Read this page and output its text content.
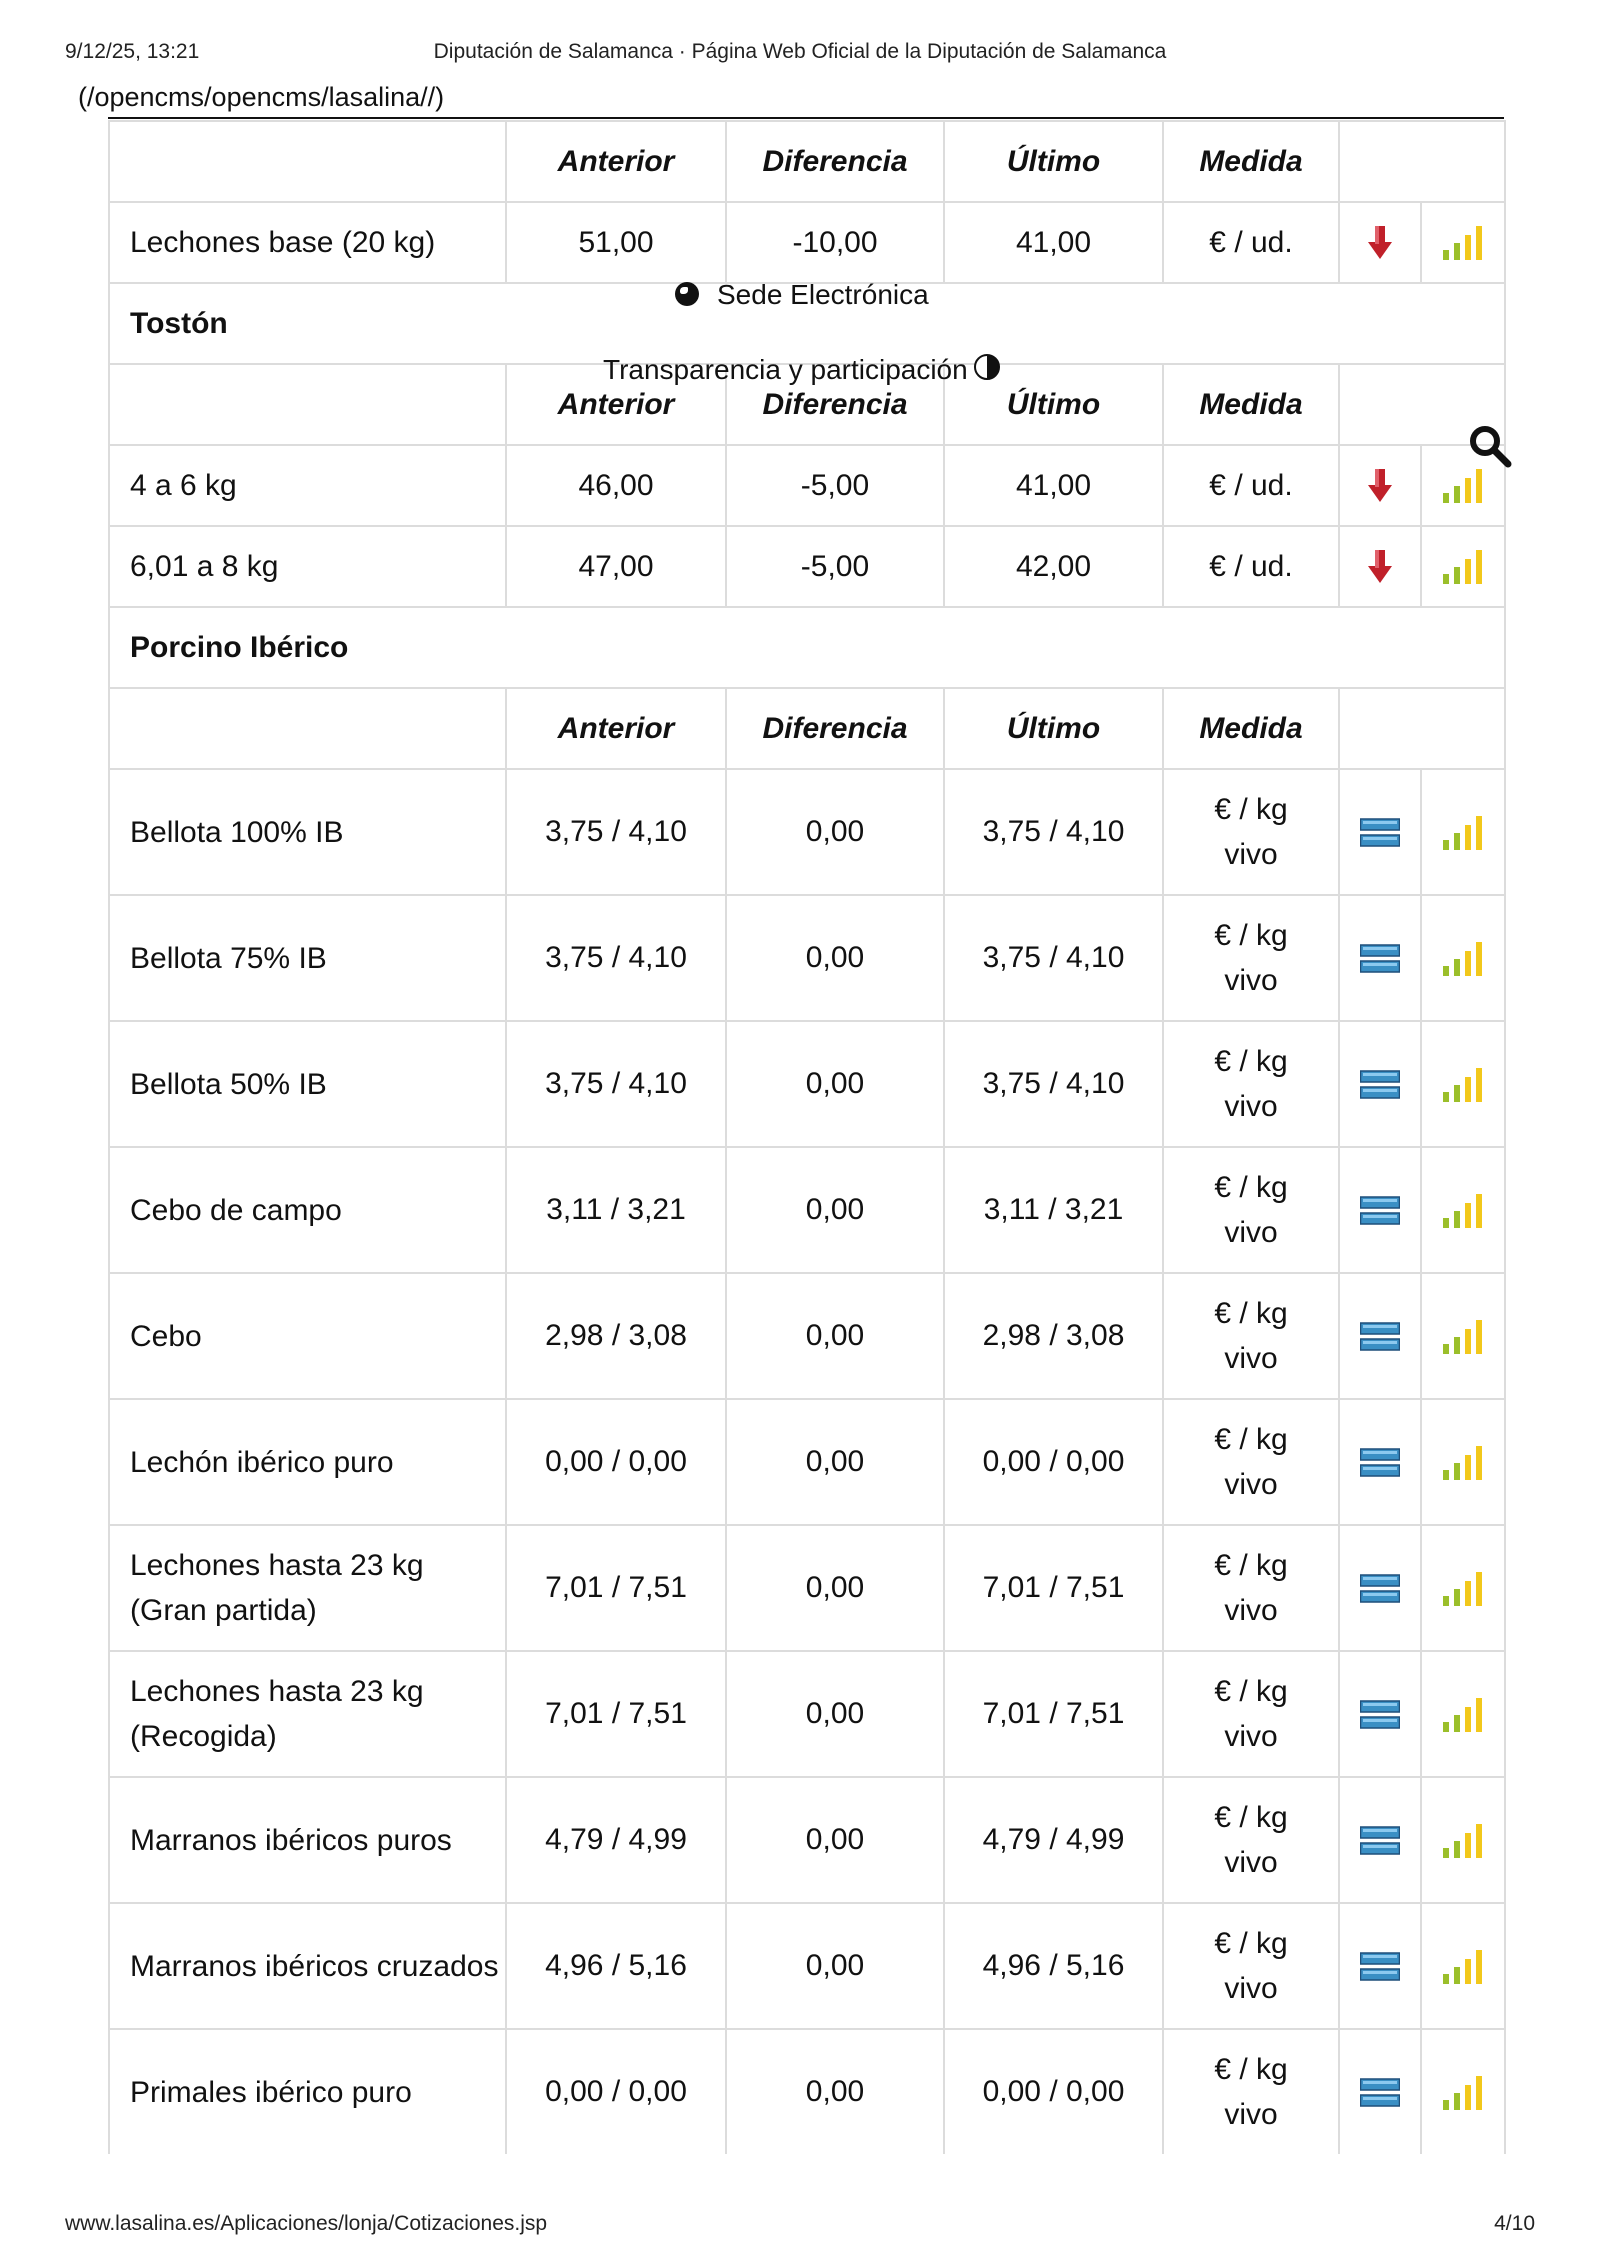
9/12/25, 13:21	Diputación de Salamanca · Página Web Oficial de la Diputación de Salamanca
(/opencms/opencms/lasalina//)
	Anterior	Diferencia	Último	Medida		
Lechones base (20 kg)	51,00	-10,00	41,00	€ / ud.		
Tostón						
	Anterior	Diferencia	Último	Medida		
4 a 6 kg	46,00	-5,00	41,00	€ / ud.		
6,01 a 8 kg	47,00	-5,00	42,00	€ / ud.		
Porcino Ibérico						
	Anterior	Diferencia	Último	Medida		
Bellota 100% IB	3,75 / 4,10	0,00	3,75 / 4,10	€ / kg
vivo		
Bellota 75% IB	3,75 / 4,10	0,00	3,75 / 4,10	€ / kg
vivo		
Bellota 50% IB	3,75 / 4,10	0,00	3,75 / 4,10	€ / kg
vivo		
Cebo de campo	3,11 / 3,21	0,00	3,11 / 3,21	€ / kg
vivo		
Cebo	2,98 / 3,08	0,00	2,98 / 3,08	€ / kg
vivo		
Lechón ibérico puro	0,00 / 0,00	0,00	0,00 / 0,00	€ / kg
vivo		
Lechones hasta 23 kg (Gran partida)	7,01 / 7,51	0,00	7,01 / 7,51	€ / kg
vivo		
Lechones hasta 23 kg (Recogida)	7,01 / 7,51	0,00	7,01 / 7,51	€ / kg
vivo		
Marranos ibéricos puros	4,79 / 4,99	0,00	4,79 / 4,99	€ / kg
vivo		
Marranos ibéricos cruzados	4,96 / 5,16	0,00	4,96 / 5,16	€ / kg
vivo		
Primales ibérico puro	0,00 / 0,00	0,00	0,00 / 0,00	€ / kg
vivo		
Sede Electrónica
Transparencia y participación
www.lasalina.es/Aplicaciones/lonja/Cotizaciones.jsp	4/10
